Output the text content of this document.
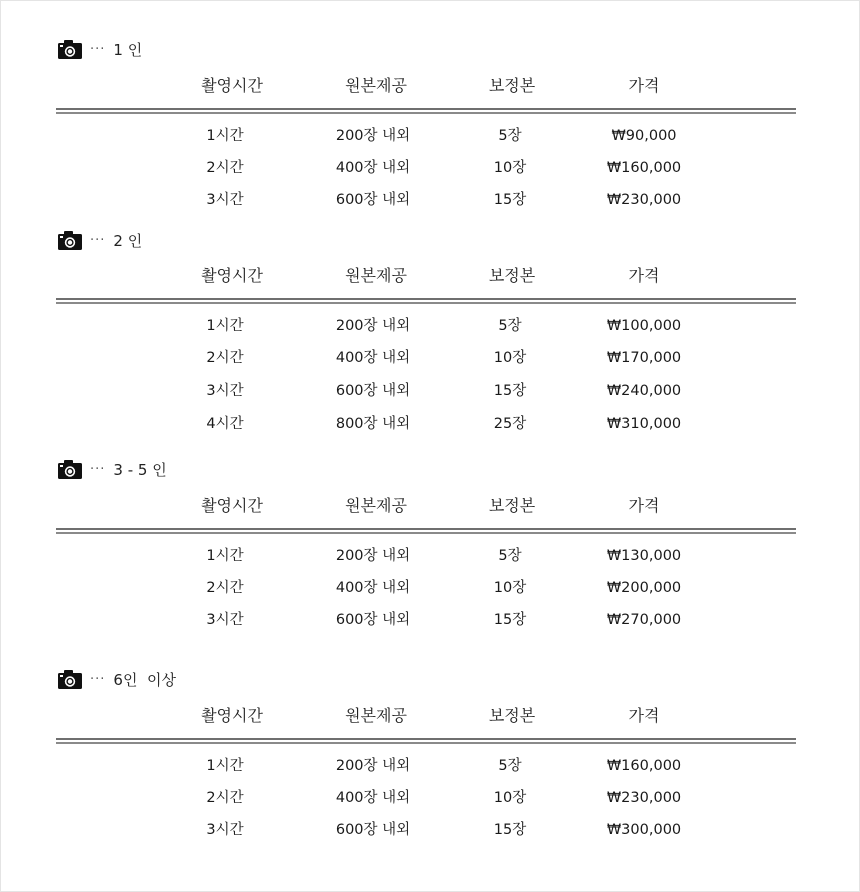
··· 1 인
촬영시간	원본제공	보정본	가격
1시간	200장 내외	5장	₩90,000
2시간	400장 내외	10장	₩160,000
3시간	600장 내외	15장	₩230,000
··· 2 인
촬영시간	원본제공	보정본	가격
1시간	200장 내외	5장	₩100,000
2시간	400장 내외	10장	₩170,000
3시간	600장 내외	15장	₩240,000
4시간	800장 내외	25장	₩310,000
··· 3 - 5 인
촬영시간	원본제공	보정본	가격
1시간	200장 내외	5장	₩130,000
2시간	400장 내외	10장	₩200,000
3시간	600장 내외	15장	₩270,000
··· 6인  이상
촬영시간	원본제공	보정본	가격
1시간	200장 내외	5장	₩160,000
2시간	400장 내외	10장	₩230,000
3시간	600장 내외	15장	₩300,000
